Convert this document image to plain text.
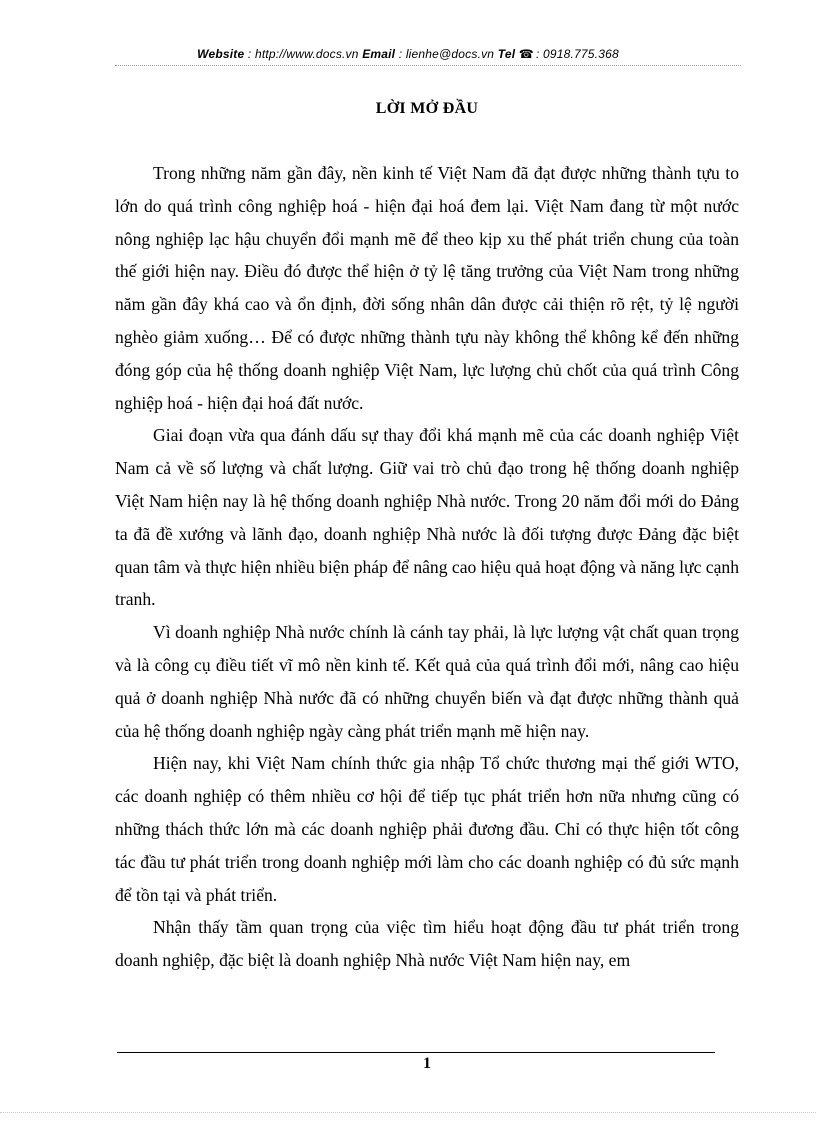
Website : http://www.docs.vn Email : lienhe@docs.vn Tel ☎ : 0918.775.368
LỜI MỞ ĐẦU

Trong những năm gần đây, nền kinh tế Việt Nam đã đạt được những thành tựu to lớn do quá trình công nghiệp hoá - hiện đại hoá đem lại. Việt Nam đang từ một nước nông nghiệp lạc hậu chuyển đổi mạnh mẽ để theo kịp xu thế phát triển chung của toàn thế giới hiện nay. Điều đó được thể hiện ở tỷ lệ tăng trưởng của Việt Nam trong những năm gần đây khá cao và ổn định, đời sống nhân dân được cải thiện rõ rệt, tỷ lệ người nghèo giảm xuống… Để có được những thành tựu này không thể không kể đến những đóng góp của hệ thống doanh nghiệp Việt Nam, lực lượng chủ chốt của quá trình Công nghiệp hoá - hiện đại hoá đất nước.

Giai đoạn vừa qua đánh dấu sự thay đổi khá mạnh mẽ của các doanh nghiệp Việt Nam cả về số lượng và chất lượng. Giữ vai trò chủ đạo trong hệ thống doanh nghiệp Việt Nam hiện nay là hệ thống doanh nghiệp Nhà nước. Trong 20 năm đổi mới do Đảng ta đã đề xướng và lãnh đạo, doanh nghiệp Nhà nước là đối tượng được Đảng đặc biệt quan tâm và thực hiện nhiều biện pháp để nâng cao hiệu quả hoạt động và năng lực cạnh tranh.

Vì doanh nghiệp Nhà nước chính là cánh tay phải, là lực lượng vật chất quan trọng và là công cụ điều tiết vĩ mô nền kinh tế. Kết quả của quá trình đổi mới, nâng cao hiệu quả ở doanh nghiệp Nhà nước đã có những chuyển biến và đạt được những thành quả của hệ thống doanh nghiệp ngày càng phát triển mạnh mẽ hiện nay.

Hiện nay, khi Việt Nam chính thức gia nhập Tổ chức thương mại thế giới WTO, các doanh nghiệp có thêm nhiều cơ hội để tiếp tục phát triển hơn nữa nhưng cũng có những thách thức lớn mà các doanh nghiệp phải đương đầu. Chỉ có thực hiện tốt công tác đầu tư phát triển trong doanh nghiệp mới làm cho các doanh nghiệp có đủ sức mạnh để tồn tại và phát triển.

Nhận thấy tầm quan trọng của việc tìm hiểu hoạt động đầu tư phát triển trong doanh nghiệp, đặc biệt là doanh nghiệp Nhà nước Việt Nam hiện nay, em

1
